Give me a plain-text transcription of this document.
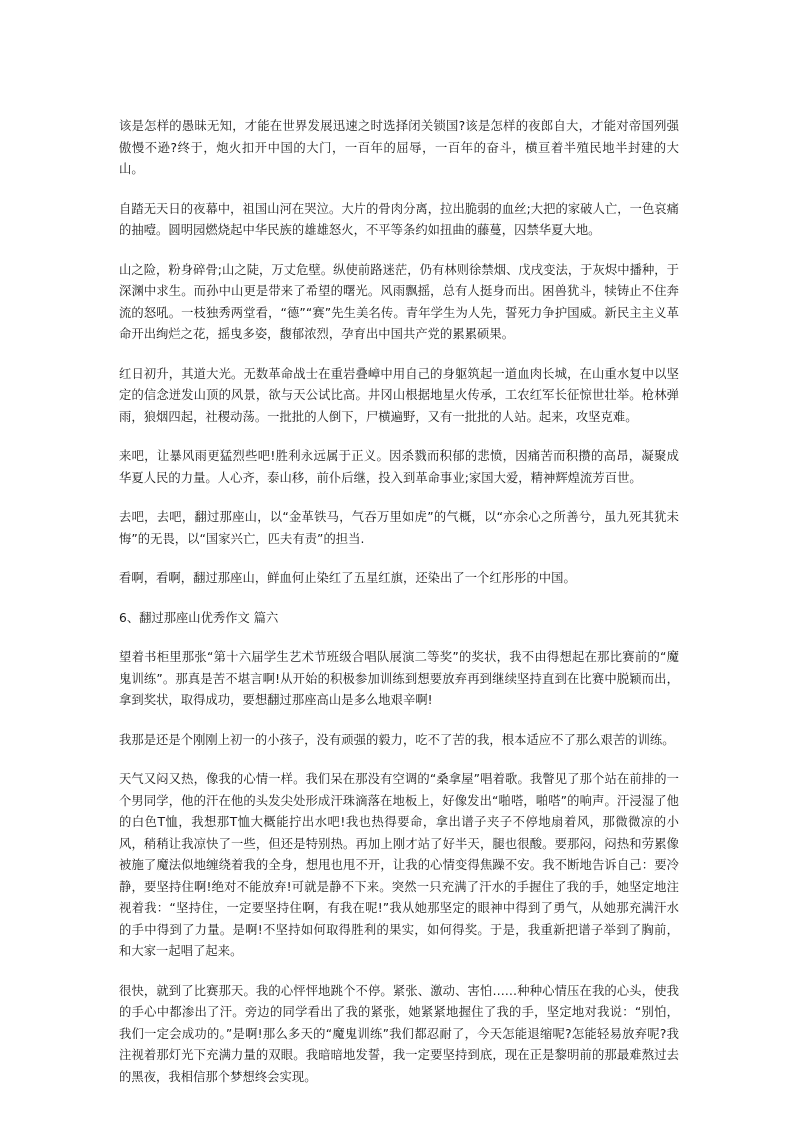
该是怎样的愚昧无知，才能在世界发展迅速之时选择闭关锁国?该是怎样的夜郎自大，才能对帝国列强傲慢不逊?终于，炮火扣开中国的大门，一百年的屈辱，一百年的奋斗，横亘着半殖民地半封建的大山。

自踏无天日的夜幕中，祖国山河在哭泣。大片的骨肉分离，拉出脆弱的血丝;大把的家破人亡，一色哀痛的抽噎。圆明园燃烧起中华民族的雄雄怒火，不平等条约如扭曲的藤蔓，囚禁华夏大地。

山之险，粉身碎骨;山之陡，万丈危壁。纵使前路迷茫，仍有林则徐禁烟、戊戌变法，于灰烬中播种，于深渊中求生。而孙中山更是带来了希望的曙光。风雨飘摇，总有人挺身而出。困兽犹斗，犊铸止不住奔流的怒吼。一枝独秀两堂看，“德”“赛”先生美名传。青年学生为人先，誓死力争护国威。新民主主义革命开出绚烂之花，摇曳多姿，馥郁浓烈，孕育出中国共产党的累累硕果。

红日初升，其道大光。无数革命战士在重岩叠嶂中用自己的身躯筑起一道血肉长城，在山重水复中以坚定的信念迸发山顶的风景，欲与天公试比高。井冈山根据地星火传承，工农红军长征惊世壮举。枪林弹雨，狼烟四起，社稷动荡。一批批的人倒下，尸横遍野，又有一批批的人站。起来，攻坚克难。

来吧，让暴风雨更猛烈些吧!胜利永远属于正义。因杀戮而积郁的悲愤，因痛苦而积攒的高昂，凝聚成华夏人民的力量。人心齐，泰山移，前仆后继，投入到革命事业;家国大爱，精神辉煌流芳百世。

去吧，去吧，翻过那座山，以“金革铁马，气吞万里如虎”的气概，以“亦余心之所善兮，虽九死其犹未悔”的无畏，以“国家兴亡，匹夫有责”的担当.

看啊，看啊，翻过那座山，鲜血何止染红了五星红旗，还染出了一个红彤彤的中国。

6、翻过那座山优秀作文 篇六

望着书柜里那张“第十六届学生艺术节班级合唱队展演二等奖”的奖状，我不由得想起在那比赛前的“魔鬼训练”。那真是苦不堪言啊!从开始的积极参加训练到想要放弃再到继续坚持直到在比赛中脱颖而出，拿到奖状，取得成功，要想翻过那座高山是多么地艰辛啊!

我那是还是个刚刚上初一的小孩子，没有顽强的毅力，吃不了苦的我，根本适应不了那么艰苦的训练。

天气又闷又热，像我的心情一样。我们呆在那没有空调的“桑拿屋”唱着歌。我瞥见了那个站在前排的一个男同学，他的汗在他的头发尖处形成汗珠滴落在地板上，好像发出“啪嗒，啪嗒”的响声。汗浸湿了他的白色T恤，我想那T恤大概能拧出水吧!我也热得要命，拿出谱子夹子不停地扇着风，那微微凉的小风，稍稍让我凉快了一些，但还是特别热。再加上刚才站了好半天，腿也很酸。要那闷，闷热和劳累像被施了魔法似地缠绕着我的全身，想甩也甩不开，让我的心情变得焦躁不安。我不断地告诉自己：要冷静，要坚持住啊!绝对不能放弃!可就是静不下来。突然一只充满了汗水的手握住了我的手，她坚定地注视着我：“坚持住，一定要坚持住啊，有我在呢!”我从她那坚定的眼神中得到了勇气，从她那充满汗水的手中得到了力量。是啊!不坚持如何取得胜利的果实，如何得奖。于是，我重新把谱子举到了胸前，和大家一起唱了起来。

很快，就到了比赛那天。我的心怦怦地跳个不停。紧张、激动、害怕……种种心情压在我的心头，使我的手心中都渗出了汗。旁边的同学看出了我的紧张，她紧紧地握住了我的手，坚定地对我说：“别怕，我们一定会成功的。”是啊!那么多天的“魔鬼训练”我们都忍耐了，今天怎能退缩呢?怎能轻易放弃呢?我注视着那灯光下充满力量的双眼。我暗暗地发誓，我一定要坚持到底，现在正是黎明前的那最难熬过去的黑夜，我相信那个梦想终会实现。
